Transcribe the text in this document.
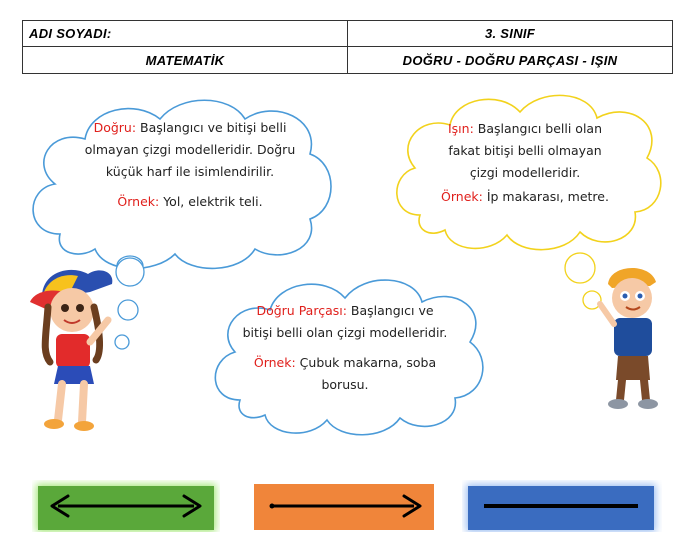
ADI SOYADI:	3. SINIF
MATEMATİK	DOĞRU - DOĞRU PARÇASI - IŞIN
Doğru: Başlangıcı ve bitişi belli
olmayan çizgi modelleridir. Doğru
küçük harf ile isimlendirilir.
Örnek: Yol, elektrik teli.
Işın: Başlangıcı belli olan
fakat bitişi belli olmayan
çizgi modelleridir.
Örnek: İp makarası, metre.
Doğru Parçası: Başlangıcı ve
bitişi belli olan çizgi modelleridir.
Örnek: Çubuk makarna, soba
borusu.
